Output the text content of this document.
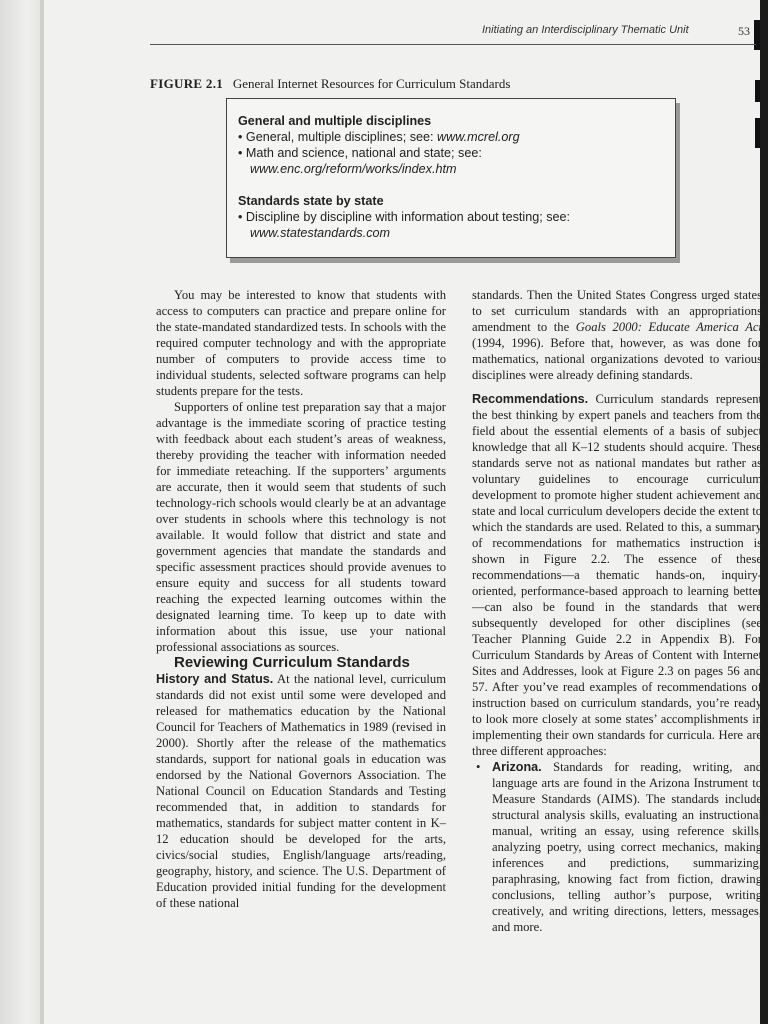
Initiating an Interdisciplinary Thematic Unit	53
FIGURE 2.1 General Internet Resources for Curriculum Standards
General and multiple disciplines
• General, multiple disciplines; see: www.mcrel.org
• Math and science, national and state; see: www.enc.org/reform/works/index.htm
Standards state by state
• Discipline by discipline with information about testing; see: www.statestandards.com

You may be interested to know that students with access to computers can practice and prepare online for the state-mandated standardized tests. In schools with the required computer technology and with the appropriate number of computers to provide access time to individual students, selected software programs can help students prepare for the tests.

Supporters of online test preparation say that a major advantage is the immediate scoring of practice testing with feedback about each student’s areas of weakness, thereby providing the teacher with information needed for immediate reteaching. If the supporters’ arguments are accurate, then it would seem that students of such technology-rich schools would clearly be at an advantage over students in schools where this technology is not available. It would follow that district and state and government agencies that mandate the standards and specific assessment practices should provide avenues to ensure equity and success for all students toward reaching the expected learning outcomes within the designated learning time. To keep up to date with information about this issue, use your national professional associations as sources.

Reviewing Curriculum Standards

History and Status. At the national level, curriculum standards did not exist until some were developed and released for mathematics education by the National Council for Teachers of Mathematics in 1989 (revised in 2000). Shortly after the release of the mathematics standards, support for national goals in education was endorsed by the National Governors Association. The National Council on Education Standards and Testing recommended that, in addition to standards for mathematics, standards for subject matter content in K–12 education should be developed for the arts, civics/social studies, English/language arts/reading, geography, history, and science. The U.S. Department of Education provided initial funding for the development of these national

standards. Then the United States Congress urged states to set curriculum standards with an appropriations amendment to the Goals 2000: Educate America Act (1994, 1996). Before that, however, as was done for mathematics, national organizations devoted to various disciplines were already defining standards.

Recommendations. Curriculum standards represent the best thinking by expert panels and teachers from the field about the essential elements of a basis of subject knowledge that all K–12 students should acquire. These standards serve not as national mandates but rather as voluntary guidelines to encourage curriculum development to promote higher student achievement and state and local curriculum developers decide the extent to which the standards are used. Related to this, a summary of recommendations for mathematics instruction is shown in Figure 2.2. The essence of these recommendations—a thematic hands-on, inquiry-oriented, performance-based approach to learning better—can also be found in the standards that were subsequently developed for other disciplines (see Teacher Planning Guide 2.2 in Appendix B). For Curriculum Standards by Areas of Content with Internet Sites and Addresses, look at Figure 2.3 on pages 56 and 57. After you’ve read examples of recommendations of instruction based on curriculum standards, you’re ready to look more closely at some states’ accomplishments in implementing their own standards for curricula. Here are three different approaches:

• Arizona. Standards for reading, writing, and language arts are found in the Arizona Instrument to Measure Standards (AIMS). The standards include structural analysis skills, evaluating an instructional manual, writing an essay, using reference skills, analyzing poetry, using correct mechanics, making inferences and predictions, summarizing, paraphrasing, knowing fact from fiction, drawing conclusions, telling author’s purpose, writing creatively, and writing directions, letters, messages, and more.
